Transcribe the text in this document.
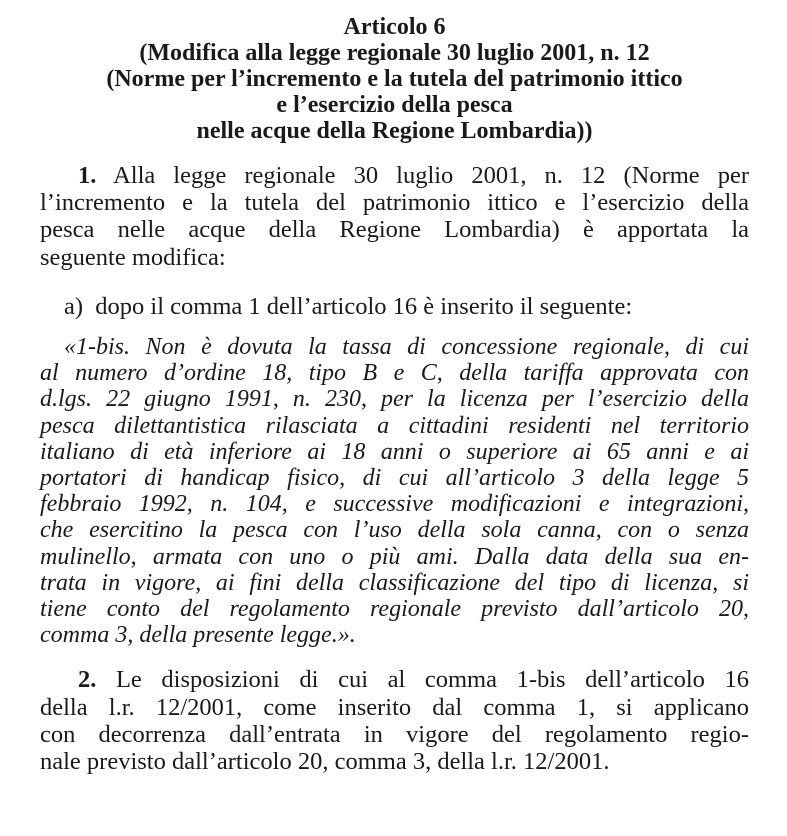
Articolo 6
(Modifica alla legge regionale 30 luglio 2001, n. 12
(Norme per l’incremento e la tutela del patrimonio ittico
e l’esercizio della pesca
nelle acque della Regione Lombardia))
1. Alla legge regionale 30 luglio 2001, n. 12 (Norme per
l’incremento e la tutela del patrimonio ittico e l’esercizio della
pesca nelle acque della Regione Lombardia) è apportata la
seguente modifica:
a) dopo il comma 1 dell’articolo 16 è inserito il seguente:
«1-bis. Non è dovuta la tassa di concessione regionale, di cui
al numero d’ordine 18, tipo B e C, della tariffa approvata con
d.lgs. 22 giugno 1991, n. 230, per la licenza per l’esercizio della
pesca dilettantistica rilasciata a cittadini residenti nel territorio
italiano di età inferiore ai 18 anni o superiore ai 65 anni e ai
portatori di handicap fisico, di cui all’articolo 3 della legge 5
febbraio 1992, n. 104, e successive modificazioni e integrazioni,
che esercitino la pesca con l’uso della sola canna, con o senza
mulinello, armata con uno o più ami. Dalla data della sua en-
trata in vigore, ai fini della classificazione del tipo di licenza, si
tiene conto del regolamento regionale previsto dall’articolo 20,
comma 3, della presente legge.».
2. Le disposizioni di cui al comma 1-bis dell’articolo 16
della l.r. 12/2001, come inserito dal comma 1, si applicano
con decorrenza dall’entrata in vigore del regolamento regio-
nale previsto dall’articolo 20, comma 3, della l.r. 12/2001.
